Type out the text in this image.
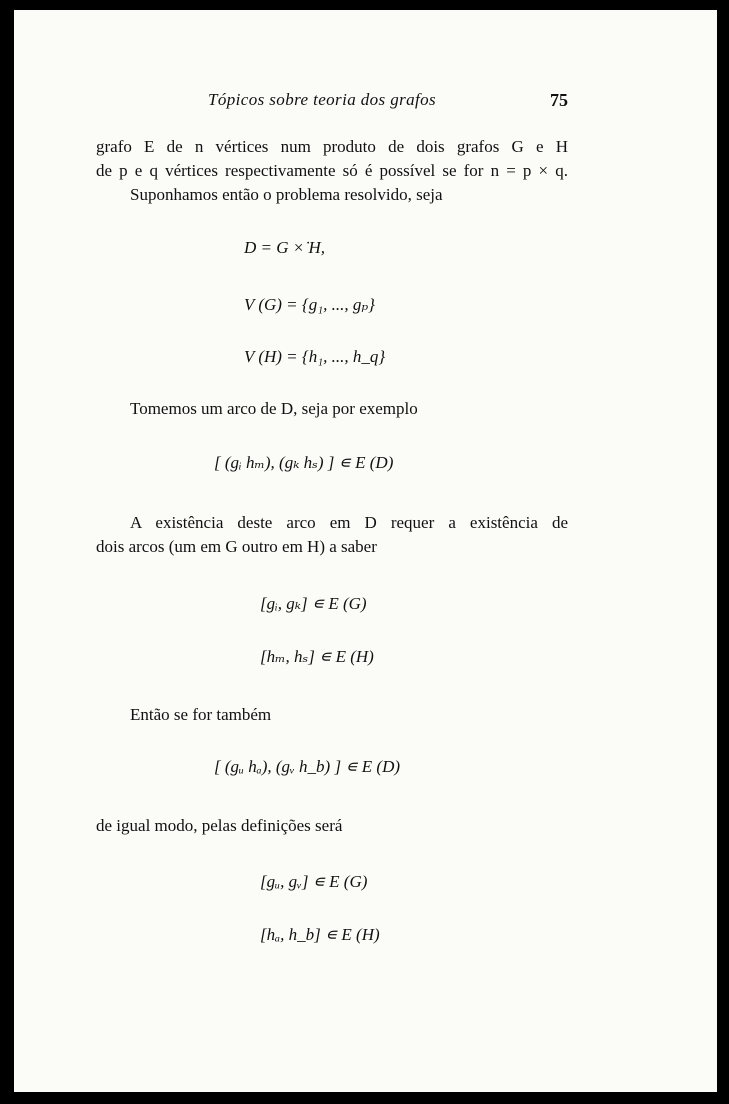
Tópicos sobre teoria dos grafos	75
grafo E de n vértices num produto de dois grafos G e H
de p e q vértices respectivamente só é possível se for n = p × q.
Suponhamos então o problema resolvido, seja
D = G ×̇ H,
V (G) = {g₁, ..., gₚ}
V (H) = {h₁, ..., h_q}
Tomemos um arco de D, seja por exemplo
[ (gᵢ hₘ), (gₖ hₛ) ] ∊ E (D)
A existência deste arco em D requer a existência de
dois arcos (um em G outro em H) a saber
[gᵢ, gₖ] ∊ E (G)
[hₘ, hₛ] ∊ E (H)
Então se for também
[ (gᵤ hₐ), (gᵥ h_b) ] ∊ E (D)
de igual modo, pelas definições será
[gᵤ, gᵥ] ∊ E (G)
[hₐ, h_b] ∊ E (H)
